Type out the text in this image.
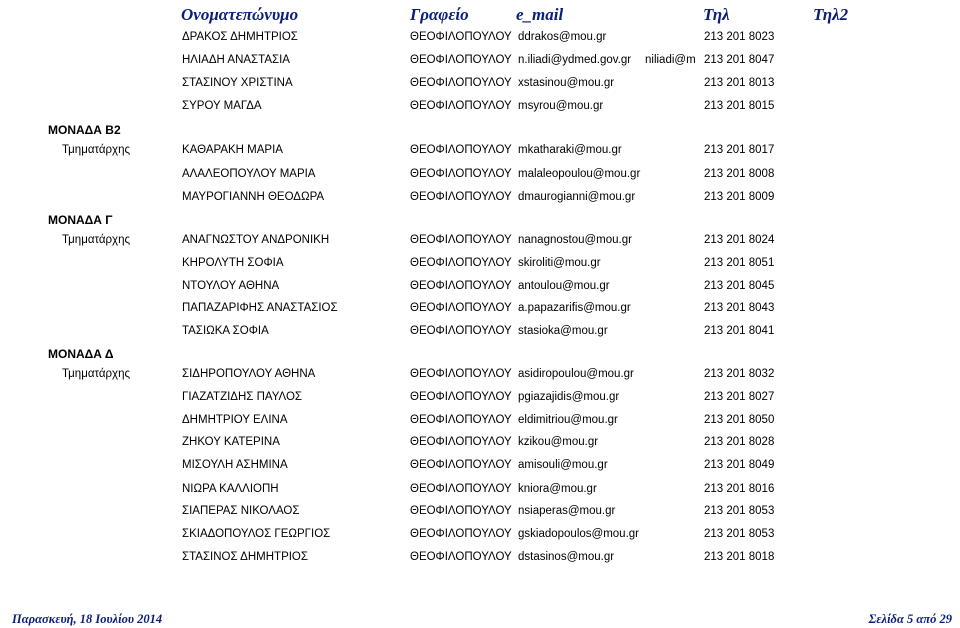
Ονοματεπώνυμο	Γραφείο	e_mail	Τηλ	Τηλ2
ΔΡΑΚΟΣ ΔΗΜΗΤΡΙΟΣ	ΘΕΟΦΙΛΟΠΟΥΛΟΥ ddrakos@mou.gr	213 201 8023
ΗΛΙΑΔΗ ΑΝΑΣΤΑΣΙΑ	ΘΕΟΦΙΛΟΠΟΥΛΟΥ n.iliadi@ydmed.gov.gr niliadi@m 213 201 8047
ΣΤΑΣΙΝΟΥ ΧΡΙΣΤΙΝΑ	ΘΕΟΦΙΛΟΠΟΥΛΟΥ xstasinou@mou.gr	213 201 8013
ΣΥΡΟΥ ΜΑΓΔΑ	ΘΕΟΦΙΛΟΠΟΥΛΟΥ msyrou@mou.gr	213 201 8015
ΜΟΝΑΔΑ Β2
Τμηματάρχης	ΚΑΘΑΡΑΚΗ ΜΑΡΙΑ	ΘΕΟΦΙΛΟΠΟΥΛΟΥ mkatharaki@mou.gr	213 201 8017
ΑΛΑΛΕΟΠΟΥΛΟΥ ΜΑΡΙΑ	ΘΕΟΦΙΛΟΠΟΥΛΟΥ malaleopoulou@mou.gr	213 201 8008
ΜΑΥΡΟΓΙΑΝΝΗ ΘΕΟΔΩΡΑ	ΘΕΟΦΙΛΟΠΟΥΛΟΥ dmaurogianni@mou.gr	213 201 8009
ΜΟΝΑΔΑ Γ
Τμηματάρχης	ΑΝΑΓΝΩΣΤΟΥ ΑΝΔΡΟΝΙΚΗ	ΘΕΟΦΙΛΟΠΟΥΛΟΥ nanagnostou@mou.gr	213 201 8024
ΚΗΡΟΛΥΤΗ ΣΟΦΙΑ	ΘΕΟΦΙΛΟΠΟΥΛΟΥ skiroliti@mou.gr	213 201 8051
ΝΤΟΥΛΟΥ ΑΘΗΝΑ	ΘΕΟΦΙΛΟΠΟΥΛΟΥ antoulou@mou.gr	213 201 8045
ΠΑΠΑΖΑΡΙΦΗΣ ΑΝΑΣΤΑΣΙΟΣ	ΘΕΟΦΙΛΟΠΟΥΛΟΥ a.papazarifis@mou.gr	213 201 8043
ΤΑΣΙΩΚΑ ΣΟΦΙΑ	ΘΕΟΦΙΛΟΠΟΥΛΟΥ stasioka@mou.gr	213 201 8041
ΜΟΝΑΔΑ Δ
Τμηματάρχης	ΣΙΔΗΡΟΠΟΥΛΟΥ ΑΘΗΝΑ	ΘΕΟΦΙΛΟΠΟΥΛΟΥ asidiropoulou@mou.gr	213 201 8032
ΓΙΑΖΑΤΖΙΔΗΣ ΠΑΥΛΟΣ	ΘΕΟΦΙΛΟΠΟΥΛΟΥ pgiazajidis@mou.gr	213 201 8027
ΔΗΜΗΤΡΙΟΥ ΕΛΙΝΑ	ΘΕΟΦΙΛΟΠΟΥΛΟΥ eldimitriou@mou.gr	213 201 8050
ΖΗΚΟΥ ΚΑΤΕΡΙΝΑ	ΘΕΟΦΙΛΟΠΟΥΛΟΥ kzikou@mou.gr	213 201 8028
ΜΙΣΟΥΛΗ ΑΣΗΜΙΝΑ	ΘΕΟΦΙΛΟΠΟΥΛΟΥ amisouli@mou.gr	213 201 8049
ΝΙΩΡΑ ΚΑΛΛΙΟΠΗ	ΘΕΟΦΙΛΟΠΟΥΛΟΥ kniora@mou.gr	213 201 8016
ΣΙΑΠΕΡΑΣ ΝΙΚΟΛΑΟΣ	ΘΕΟΦΙΛΟΠΟΥΛΟΥ nsiaperas@mou.gr	213 201 8053
ΣΚΙΑΔΟΠΟΥΛΟΣ ΓΕΩΡΓΙΟΣ	ΘΕΟΦΙΛΟΠΟΥΛΟΥ gskiadopoulos@mou.gr	213 201 8053
ΣΤΑΣΙΝΟΣ ΔΗΜΗΤΡΙΟΣ	ΘΕΟΦΙΛΟΠΟΥΛΟΥ dstasinos@mou.gr	213 201 8018
Παρασκευή, 18 Ιουλίου 2014	Σελίδα 5 από 29
